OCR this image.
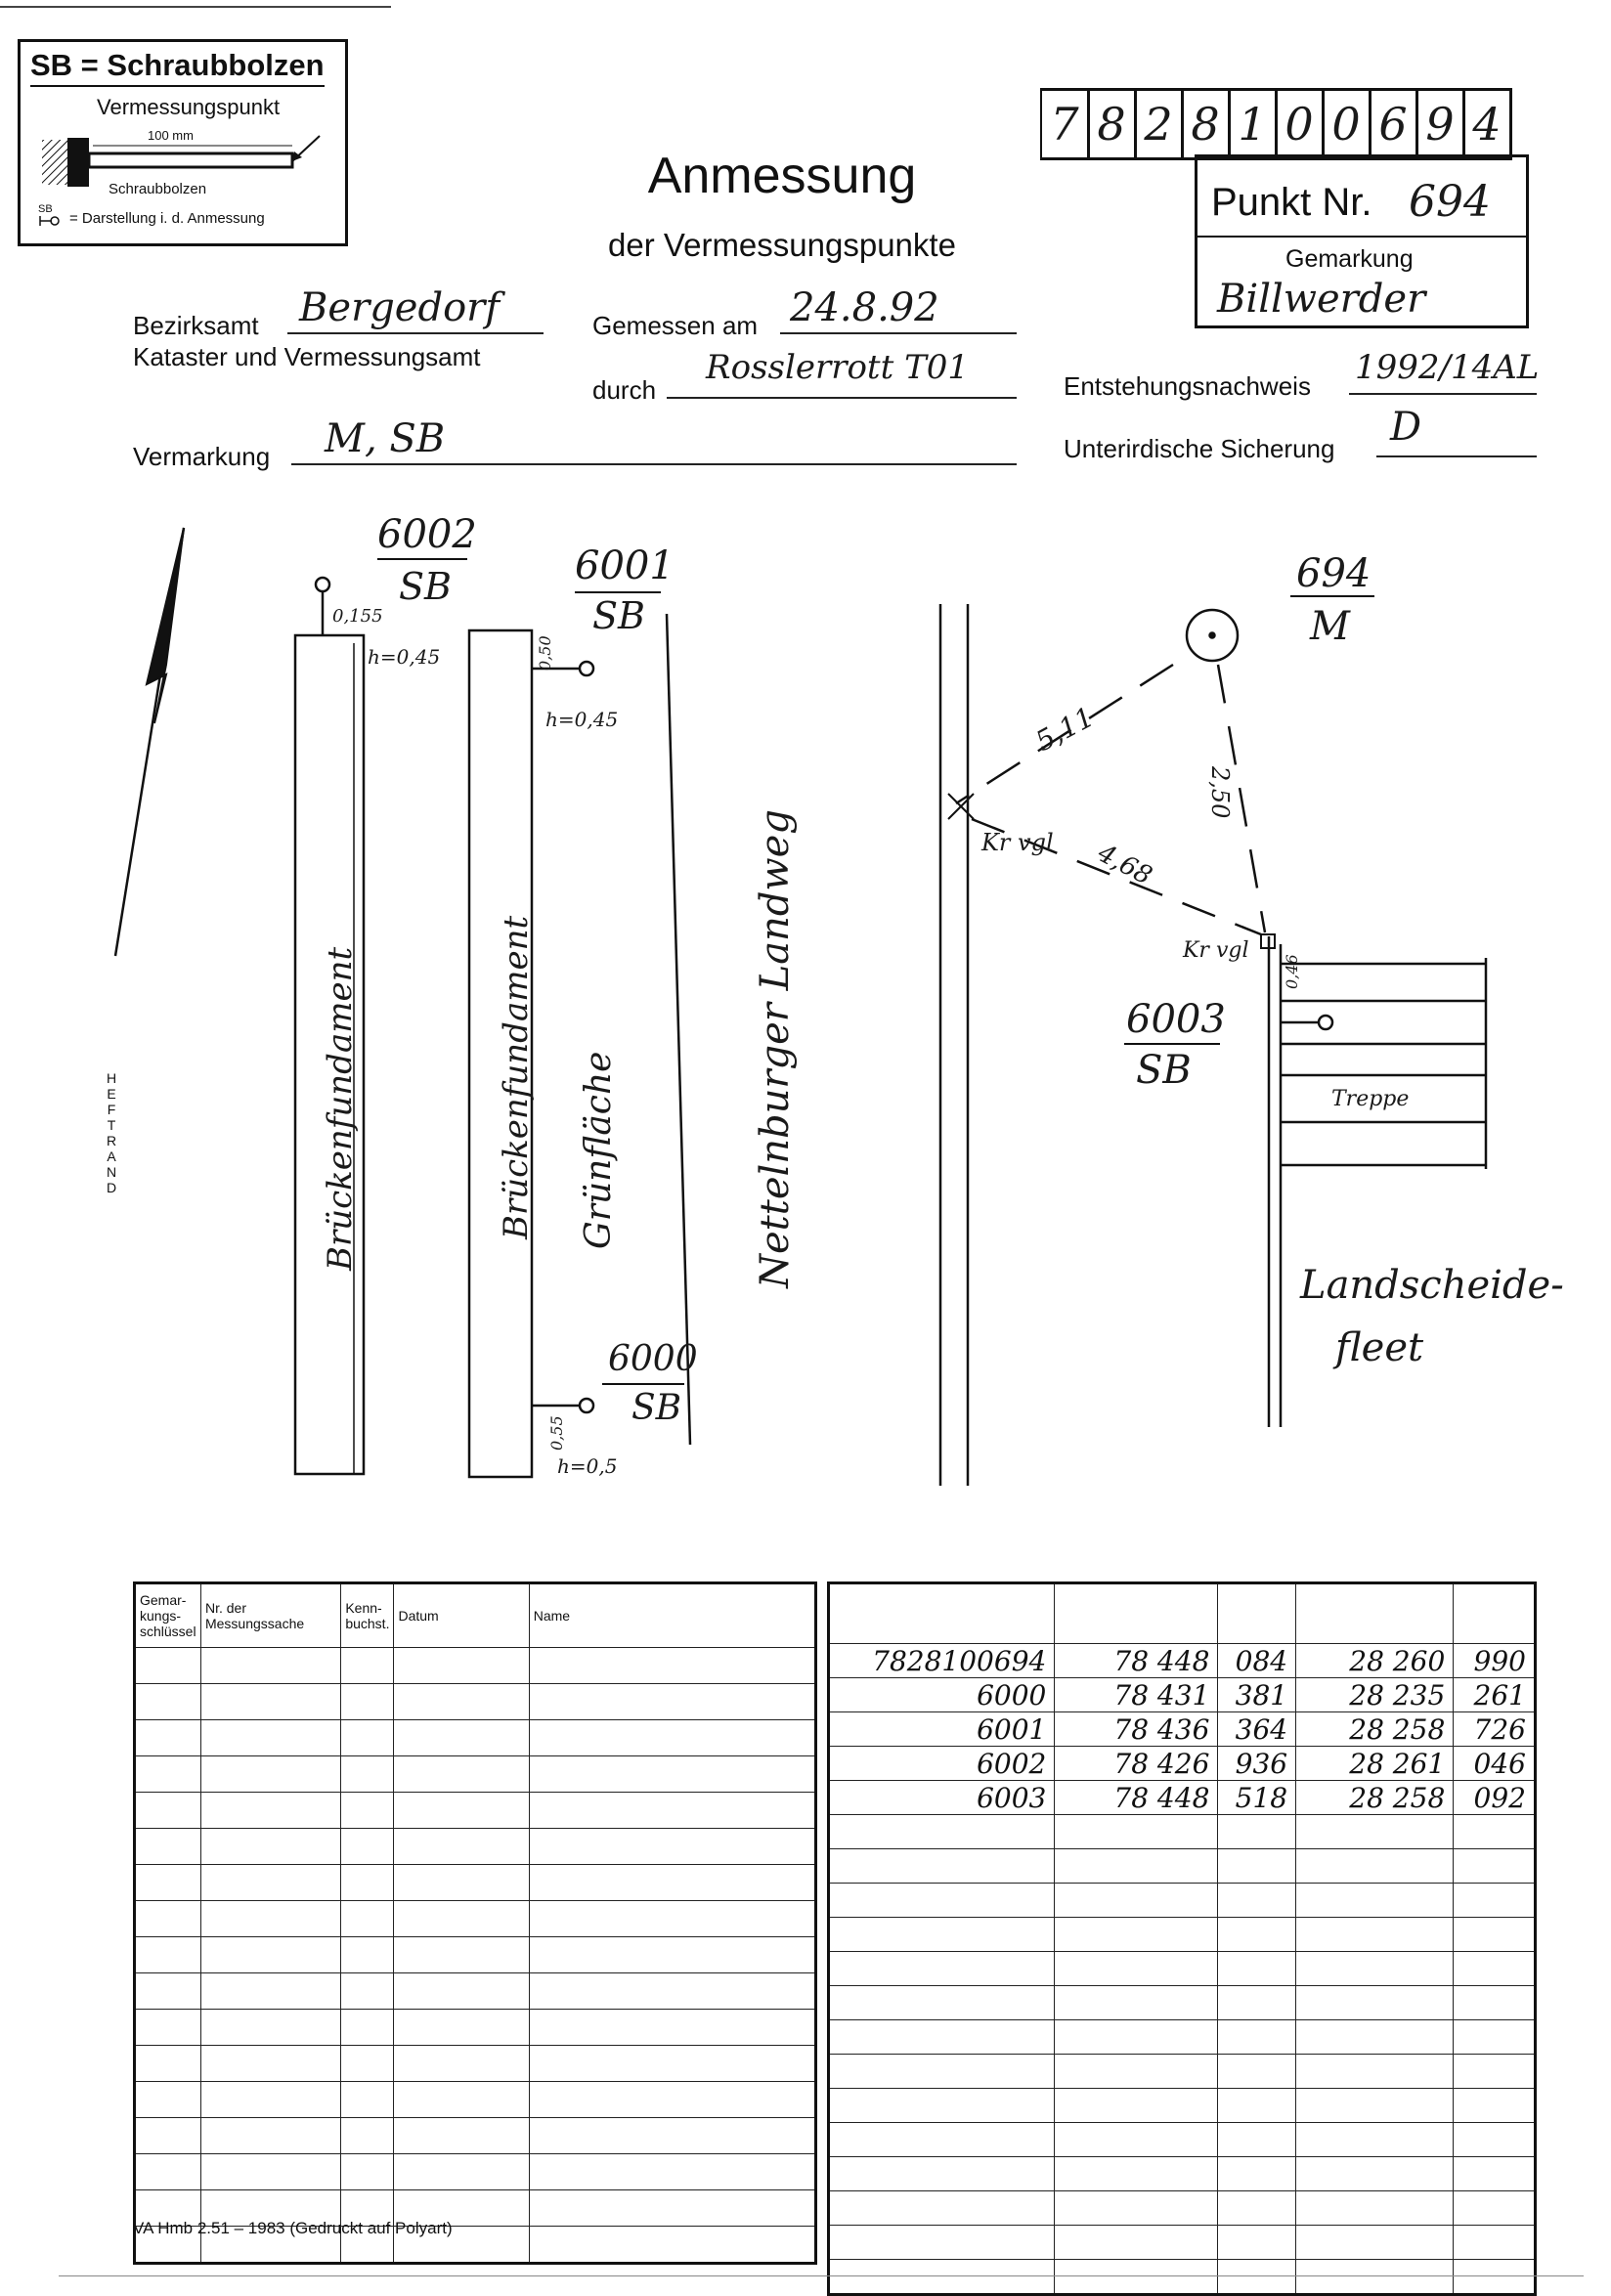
SB = Schraubbolzen
Vermessungspunkt
100 mm
Schraubbolzen
SB

= Darstellung i. d. Anmessung
Anmessung
der Vermessungspunkte
7 8 2 8 1 0 0 6 9 4
Punkt Nr. 694
Gemarkung
Billwerder
Bezirksamt Bergedorf
Kataster und Vermessungsamt
Gemessen am 24.8.92
durch
Rosslerrott T01	Entstehungsnachweis 1992/14AL
Vermarkung M, SB	Unterirdische Sicherung D
6002
SB
0,155
h=0,45
6001
SB
0,50
h=0,45
6000
SB
0,55
h=0,5
694
M
6003
SB
0,46
5,11
4,68
2,50
Kr vgl
Kr vgl
Brückenfundament	Brückenfundament Grünfläche	Nettelnburger Landweg	Treppe
Landscheide-
fleet
HEFTRAND
Gemar-kungs-schlüssel	Nr. der Messungssache	Kenn-buchst.	Datum	Name

7828100694	78 448	084	28 260	990
6000	78 431	381	28 235	261
6001	78 436	364	28 258	726
6002	78 426	936	28 261	046
6003	78 448	518	28 258	092

VA Hmb 2.51 – 1983 (Gedruckt auf Polyart)
